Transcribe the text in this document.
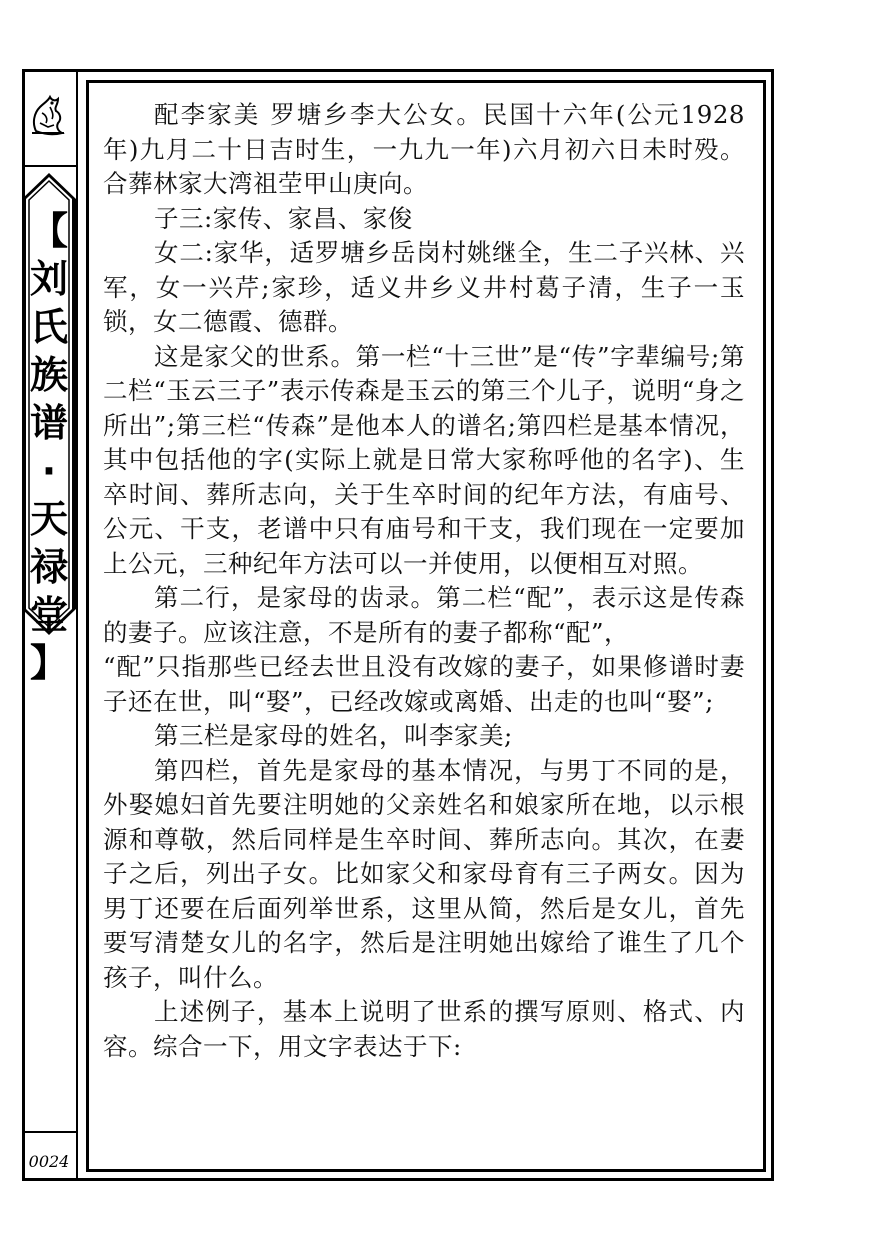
【
刘
氏
族
谱
·
天
禄
堂
】
0024

配李家美 罗塘乡李大公女。民国十六年(公元1928年)九月二十日吉时生，一九九一年)六月初六日未时殁。合葬林家大湾祖茔甲山庚向。

子三:家传、家昌、家俊

女二:家华，适罗塘乡岳岗村姚继全，生二子兴林、兴军，女一兴芹;家珍，适义井乡义井村葛子清，生子一玉锁，女二德霞、德群。

这是家父的世系。第一栏“十三世”是“传”字辈编号;第二栏“玉云三子”表示传森是玉云的第三个儿子，说明“身之所出”;第三栏“传森”是他本人的谱名;第四栏是基本情况，其中包括他的字(实际上就是日常大家称呼他的名字)、生卒时间、葬所志向，关于生卒时间的纪年方法，有庙号、公元、干支，老谱中只有庙号和干支，我们现在一定要加上公元，三种纪年方法可以一并使用，以便相互对照。

第二行，是家母的齿录。第二栏“配”，表示这是传森的妻子。应该注意，不是所有的妻子都称“配”，

“配”只指那些已经去世且没有改嫁的妻子，如果修谱时妻子还在世，叫“娶”，已经改嫁或离婚、出走的也叫“娶”;

第三栏是家母的姓名，叫李家美;

第四栏，首先是家母的基本情况，与男丁不同的是，外娶媳妇首先要注明她的父亲姓名和娘家所在地，以示根源和尊敬，然后同样是生卒时间、葬所志向。其次，在妻子之后，列出子女。比如家父和家母育有三子两女。因为男丁还要在后面列举世系，这里从简，然后是女儿，首先要写清楚女儿的名字，然后是注明她出嫁给了谁生了几个孩子，叫什么。

上述例子，基本上说明了世系的撰写原则、格式、内容。综合一下，用文字表达于下:
